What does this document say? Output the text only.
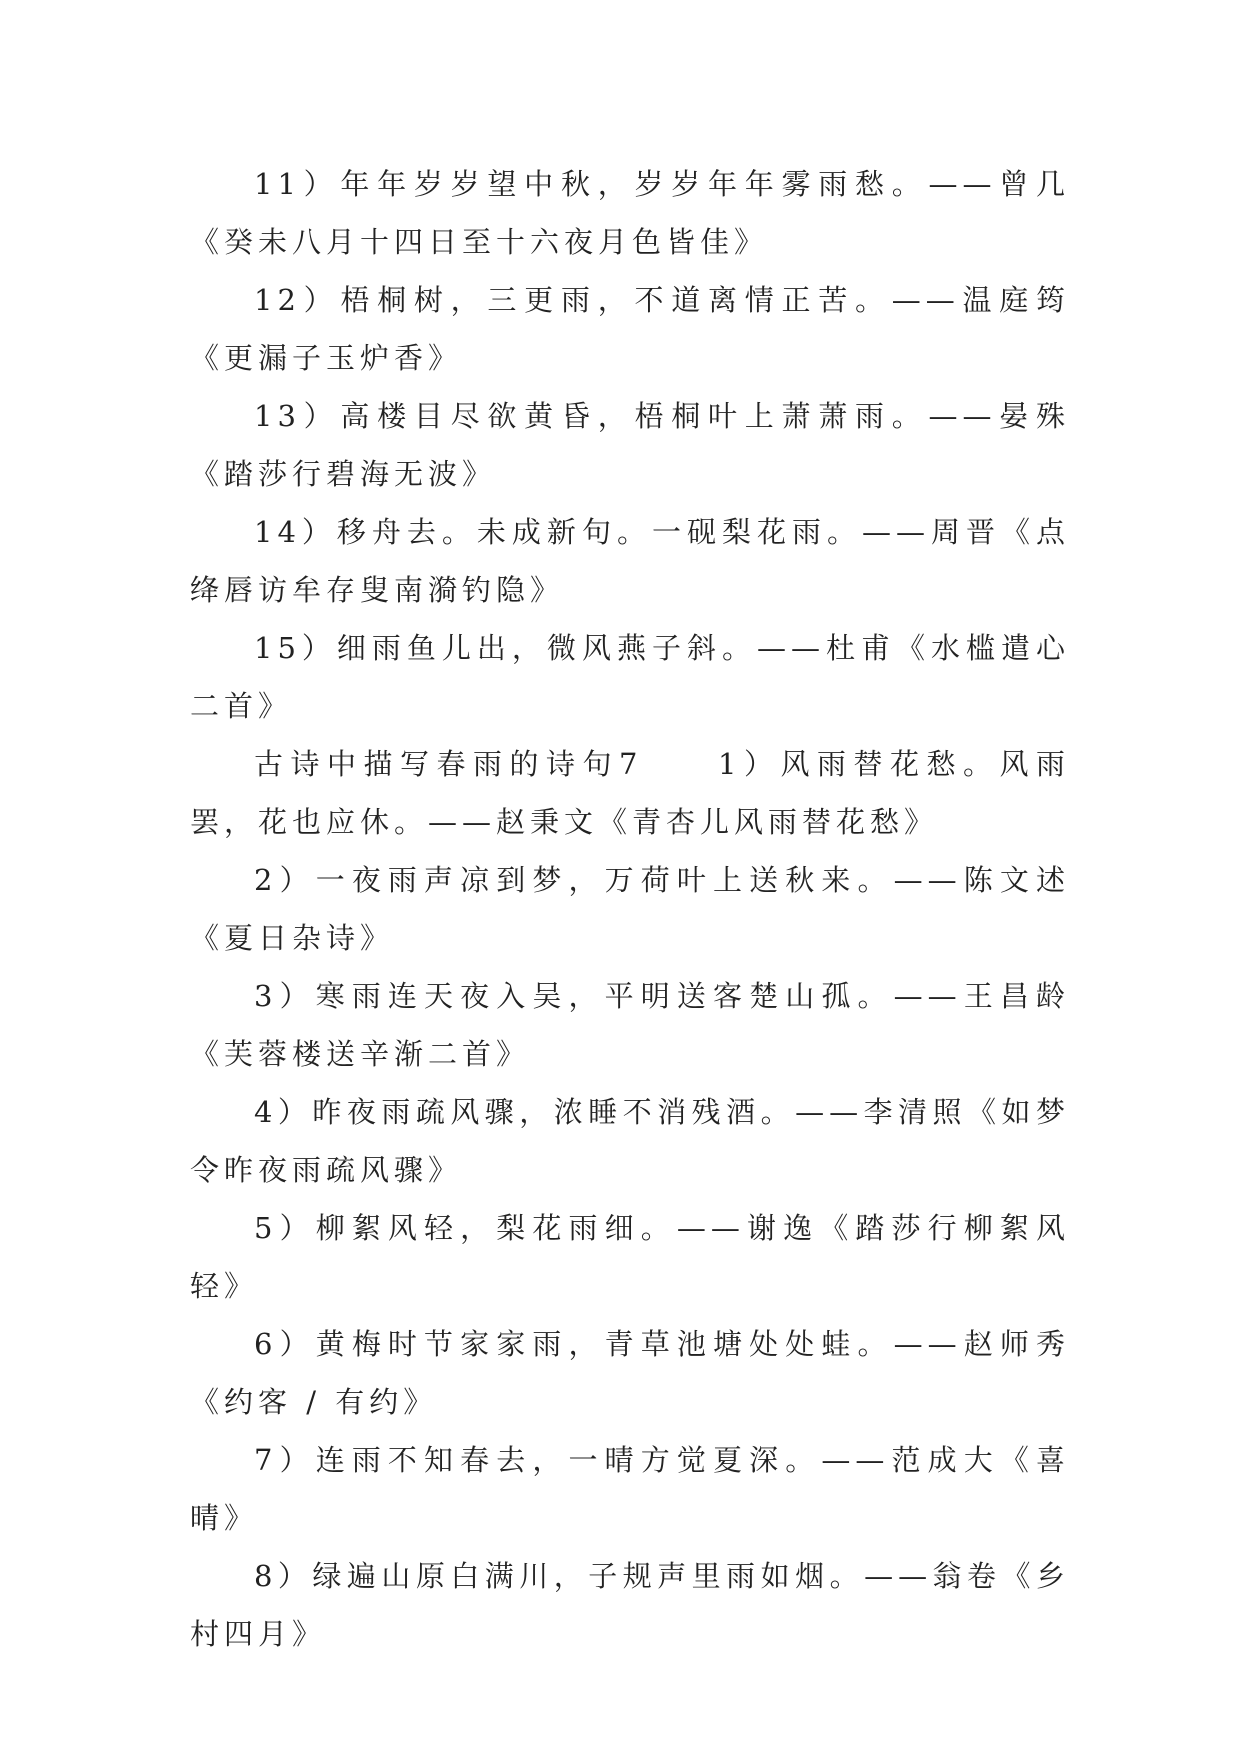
11）年年岁岁望中秋，岁岁年年雾雨愁。——曾几《癸未八月十四日至十六夜月色皆佳》

12）梧桐树，三更雨，不道离情正苦。——温庭筠《更漏子玉炉香》

13）高楼目尽欲黄昏，梧桐叶上萧萧雨。——晏殊《踏莎行碧海无波》

14）移舟去。未成新句。一砚梨花雨。——周晋《点绛唇访牟存叟南漪钓隐》

15）细雨鱼儿出，微风燕子斜。——杜甫《水槛遣心二首》

古诗中描写春雨的诗句7　　1）风雨替花愁。风雨罢，花也应休。——赵秉文《青杏儿风雨替花愁》

2）一夜雨声凉到梦，万荷叶上送秋来。——陈文述《夏日杂诗》

3）寒雨连天夜入吴，平明送客楚山孤。——王昌龄《芙蓉楼送辛渐二首》

4）昨夜雨疏风骤，浓睡不消残酒。——李清照《如梦令昨夜雨疏风骤》

5）柳絮风轻，梨花雨细。——谢逸《踏莎行柳絮风轻》

6）黄梅时节家家雨，青草池塘处处蛙。——赵师秀《约客 / 有约》

7）连雨不知春去，一晴方觉夏深。——范成大《喜晴》

8）绿遍山原白满川，子规声里雨如烟。——翁卷《乡村四月》
